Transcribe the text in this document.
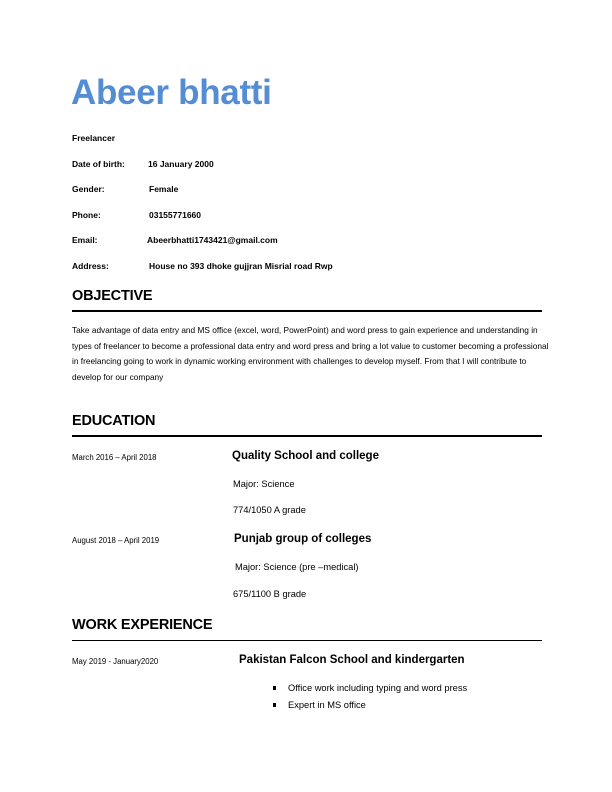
Abeer bhatti
Freelancer
Date of birth:	16 January 2000
Gender:	Female
Phone:	03155771660
Email:	Abeerbhatti1743421@gmail.com
Address:	House no 393 dhoke gujjran Misrial road Rwp
OBJECTIVE
Take advantage of data entry and MS office (excel, word, PowerPoint) and word press to gain experience and understanding in types of freelancer to become a professional data entry and word press and bring a lot value to customer becoming a professional in freelancing going to work in dynamic working environment with challenges to develop myself. From that I will contribute to develop for our company
EDUCATION
March 2016 – April 2018	Quality School and college
Major: Science
774/1050 A grade
August 2018 – April 2019	Punjab group of colleges
Major: Science (pre –medical)
675/1100 B grade
WORK EXPERIENCE
May 2019 - January2020	Pakistan Falcon School and kindergarten
Office work including typing and word press
Expert in MS office
